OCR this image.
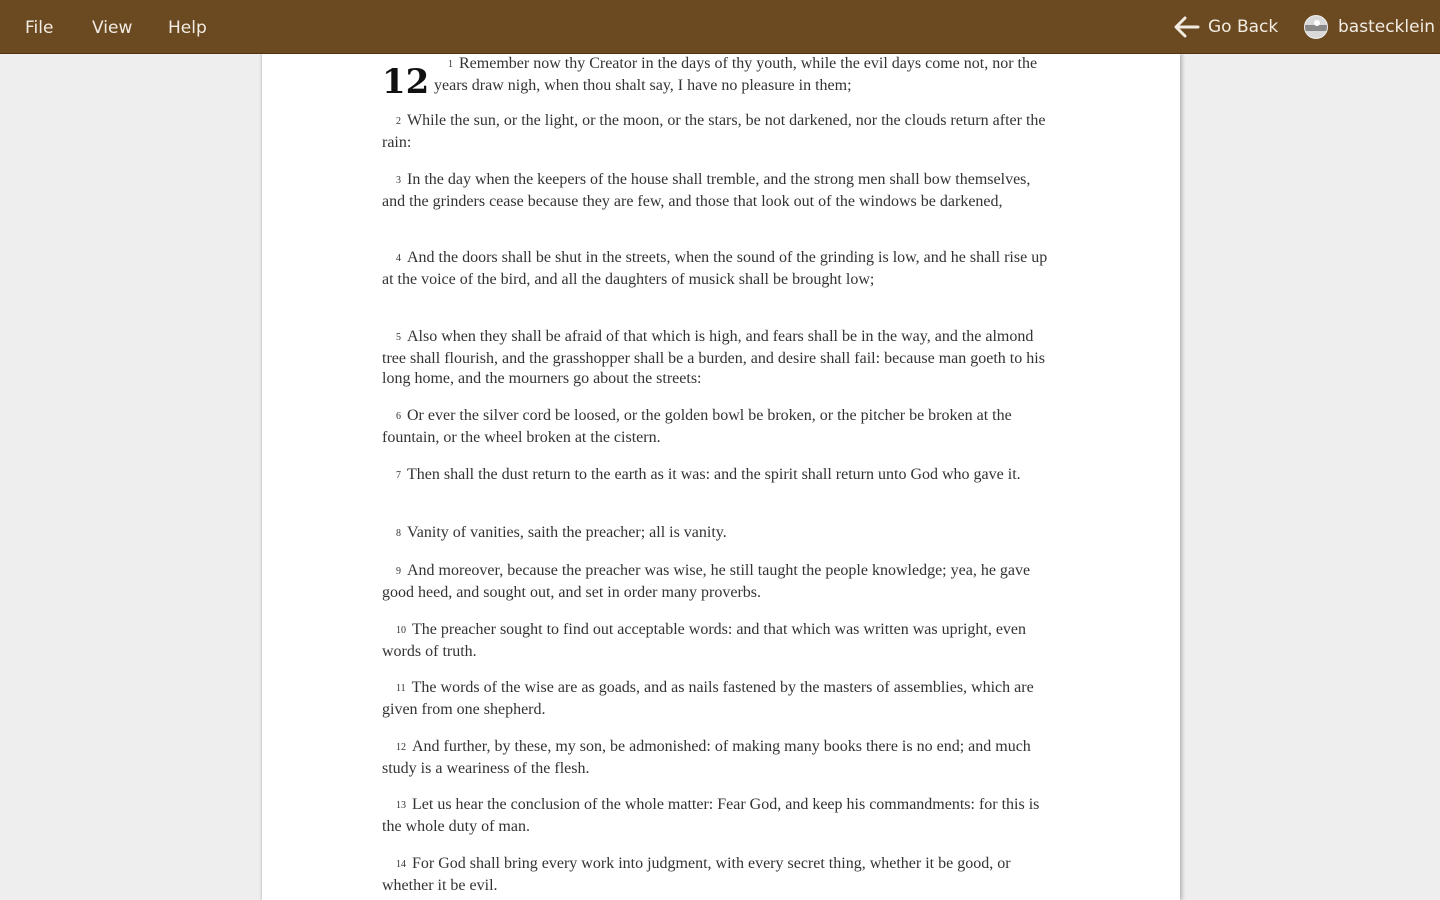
File View Help	Go Back	bastecklein
12	1 Remember now thy Creator in the days of thy youth, while the evil days come not, nor the years draw nigh, when thou shalt say, I have no pleasure in them;
2 While the sun, or the light, or the moon, or the stars, be not darkened, nor the clouds return after the rain:
3 In the day when the keepers of the house shall tremble, and the strong men shall bow themselves, and the grinders cease because they are few, and those that look out of the windows be darkened,
4 And the doors shall be shut in the streets, when the sound of the grinding is low, and he shall rise up at the voice of the bird, and all the daughters of musick shall be brought low;
5 Also when they shall be afraid of that which is high, and fears shall be in the way, and the almond tree shall flourish, and the grasshopper shall be a burden, and desire shall fail: because man goeth to his long home, and the mourners go about the streets:
6 Or ever the silver cord be loosed, or the golden bowl be broken, or the pitcher be broken at the fountain, or the wheel broken at the cistern.
7 Then shall the dust return to the earth as it was: and the spirit shall return unto God who gave it.
8 Vanity of vanities, saith the preacher; all is vanity.
9 And moreover, because the preacher was wise, he still taught the people knowledge; yea, he gave good heed, and sought out, and set in order many proverbs.
10 The preacher sought to find out acceptable words: and that which was written was upright, even words of truth.
11 The words of the wise are as goads, and as nails fastened by the masters of assemblies, which are given from one shepherd.
12 And further, by these, my son, be admonished: of making many books there is no end; and much study is a weariness of the flesh.
13 Let us hear the conclusion of the whole matter: Fear God, and keep his commandments: for this is the whole duty of man.
14 For God shall bring every work into judgment, with every secret thing, whether it be good, or whether it be evil.
